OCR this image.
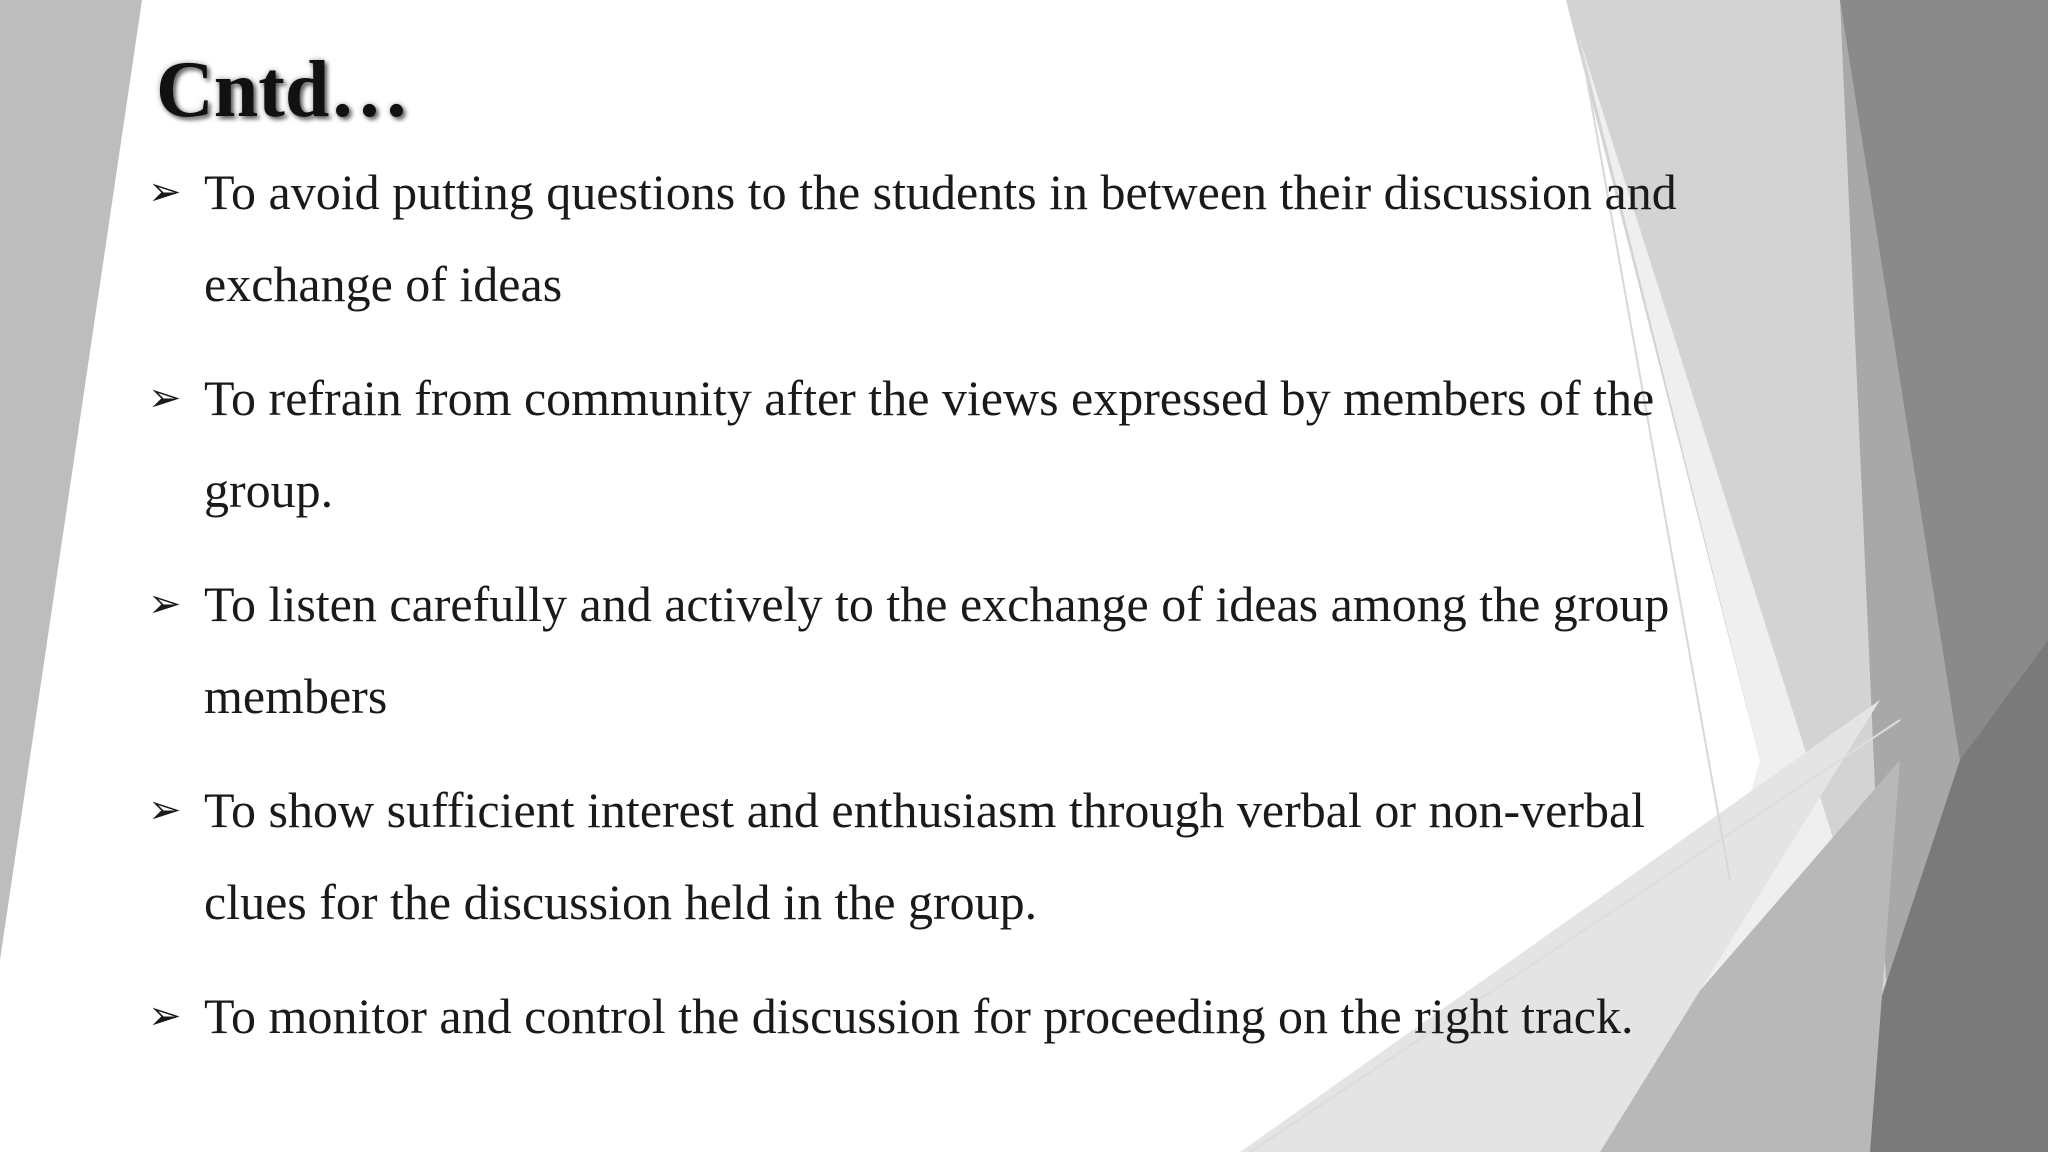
Cntd…
➢ To avoid putting questions to the students in between their discussion and exchange of ideas
➢ To refrain from community after the views expressed by members of the group.
➢ To listen carefully and actively to the exchange of ideas among the group members
➢ To show sufficient interest and enthusiasm through verbal or non-verbal clues for the discussion held in the group.
➢ To monitor and control the discussion for proceeding on the right track.
